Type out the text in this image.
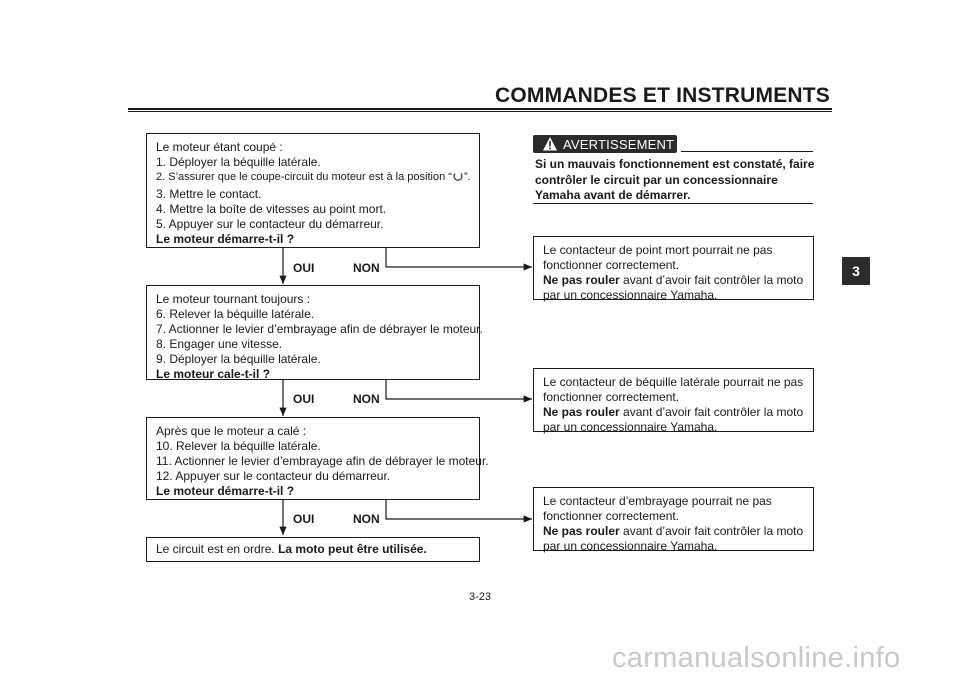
COMMANDES ET INSTRUMENTS
3
Le moteur étant coupé :
1. Déployer la béquille latérale.
2. S’assurer que le coupe-circuit du moteur est à la position “ ”.
3. Mettre le contact.
4. Mettre la boîte de vitesses au point mort.
5. Appuyer sur le contacteur du démarreur.
Le moteur démarre-t-il ?
OUI	NON
Le moteur tournant toujours :
6. Relever la béquille latérale.
7. Actionner le levier d’embrayage afin de débrayer le moteur.
8. Engager une vitesse.
9. Déployer la béquille latérale.
Le moteur cale-t-il ?
OUI	NON
Après que le moteur a calé :
10. Relever la béquille latérale.
11. Actionner le levier d’embrayage afin de débrayer le moteur.
12. Appuyer sur le contacteur du démarreur.
Le moteur démarre-t-il ?
OUI	NON
Le circuit est en ordre. La moto peut être utilisée.
AVERTISSEMENT
Si un mauvais fonctionnement est constaté, faire contrôler le circuit par un concessionnaire Yamaha avant de démarrer.
Le contacteur de point mort pourrait ne pas
fonctionner correctement.
Ne pas rouler avant d’avoir fait contrôler la moto
par un concessionnaire Yamaha.
Le contacteur de béquille latérale pourrait ne pas
fonctionner correctement.
Ne pas rouler avant d’avoir fait contrôler la moto
par un concessionnaire Yamaha.
Le contacteur d’embrayage pourrait ne pas
fonctionner correctement.
Ne pas rouler avant d’avoir fait contrôler la moto
par un concessionnaire Yamaha.
3-23
carmanualsonline.info
